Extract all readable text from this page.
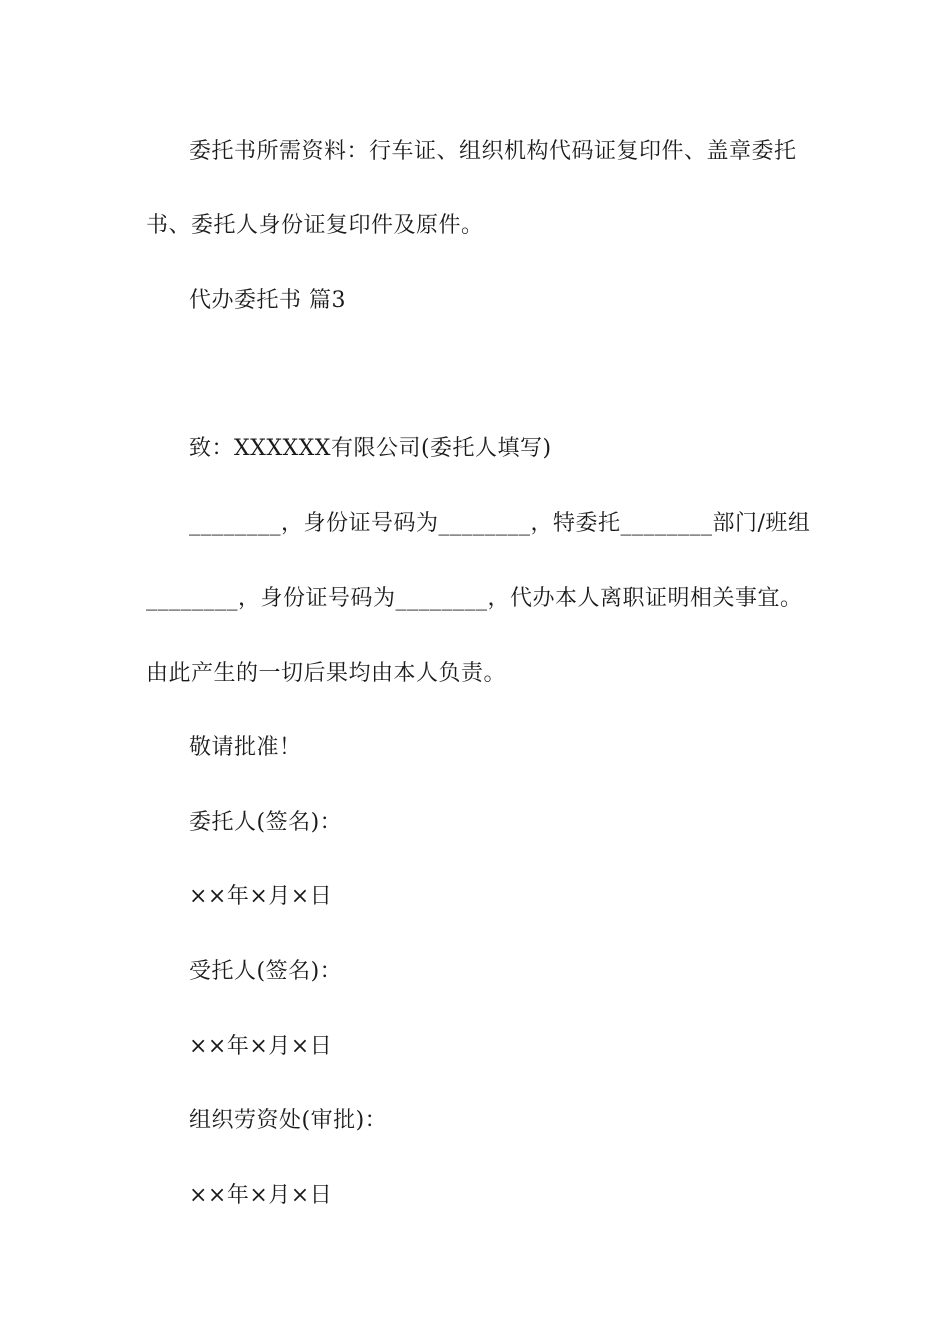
委托书所需资料：行车证、组织机构代码证复印件、盖章委托

书、委托人身份证复印件及原件。

代办委托书 篇3

致：XXXXXX有限公司(委托人填写)

________，身份证号码为________，特委托________部门/班组

________，身份证号码为________，代办本人离职证明相关事宜。

由此产生的一切后果均由本人负责。

敬请批准！

委托人(签名)：

××年×月×日

受托人(签名)：

××年×月×日

组织劳资处(审批)：

××年×月×日
